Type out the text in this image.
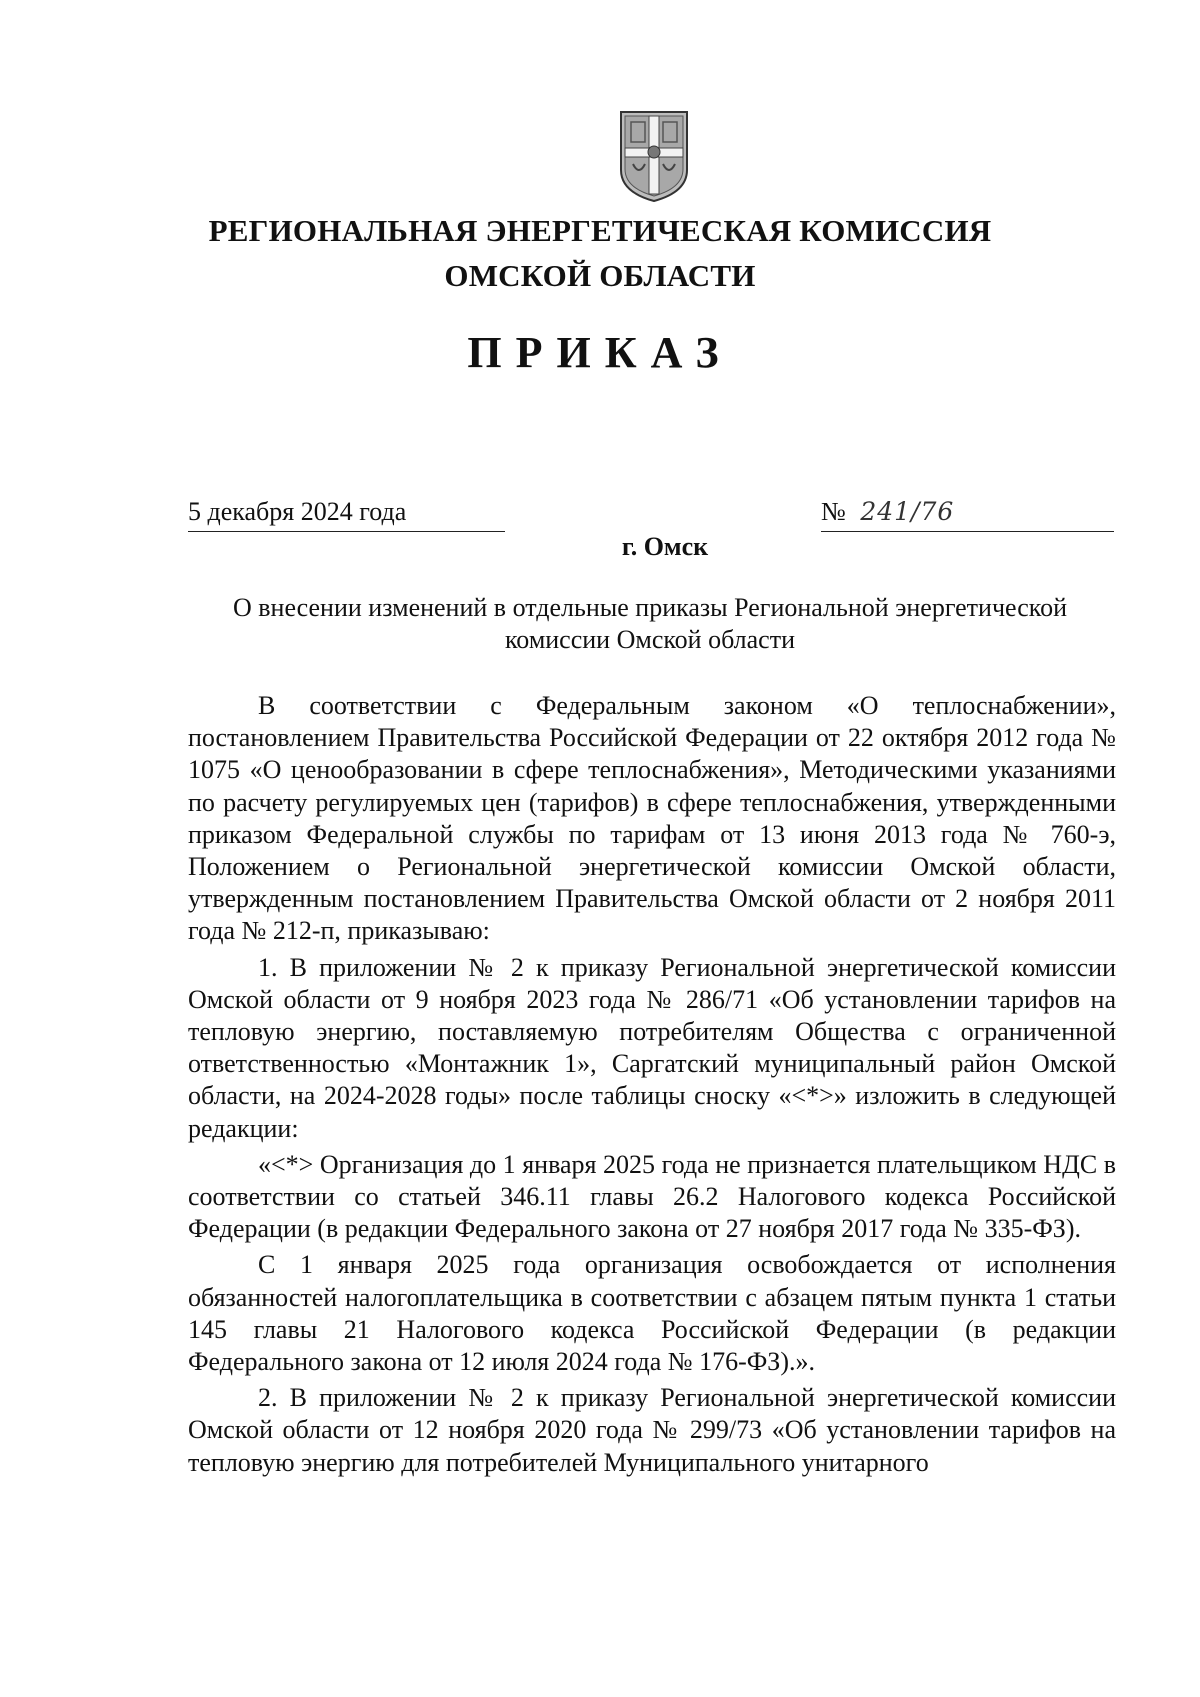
РЕГИОНАЛЬНАЯ ЭНЕРГЕТИЧЕСКАЯ КОМИССИЯ
ОМСКОЙ ОБЛАСТИ
ПРИКАЗ
5 декабря 2024 года	№ 241/76
г. Омск
О внесении изменений в отдельные приказы Региональной энергетической
комиссии Омской области

В соответствии с Федеральным законом «О теплоснабжении», постановлением Правительства Российской Федерации от 22 октября 2012 года № 1075 «О ценообразовании в сфере теплоснабжения», Методическими указаниями по расчету регулируемых цен (тарифов) в сфере теплоснабжения, утвержденными приказом Федеральной службы по тарифам от 13 июня 2013 года № 760-э, Положением о Региональной энергетической комиссии Омской области, утвержденным постановлением Правительства Омской области от 2 ноября 2011 года № 212-п, приказываю:

1. В приложении № 2 к приказу Региональной энергетической комиссии Омской области от 9 ноября 2023 года № 286/71 «Об установлении тарифов на тепловую энергию, поставляемую потребителям Общества с ограниченной ответственностью «Монтажник 1», Саргатский муниципальный район Омской области, на 2024-2028 годы» после таблицы сноску «<*>» изложить в следующей редакции:

«<*> Организация до 1 января 2025 года не признается плательщиком НДС в соответствии со статьей 346.11 главы 26.2 Налогового кодекса Российской Федерации (в редакции Федерального закона от 27 ноября 2017 года № 335-ФЗ).

С 1 января 2025 года организация освобождается от исполнения обязанностей налогоплательщика в соответствии с абзацем пятым пункта 1 статьи 145 главы 21 Налогового кодекса Российской Федерации (в редакции Федерального закона от 12 июля 2024 года № 176-ФЗ).».

2. В приложении № 2 к приказу Региональной энергетической комиссии Омской области от 12 ноября 2020 года № 299/73 «Об установлении тарифов на тепловую энергию для потребителей Муниципального унитарного
